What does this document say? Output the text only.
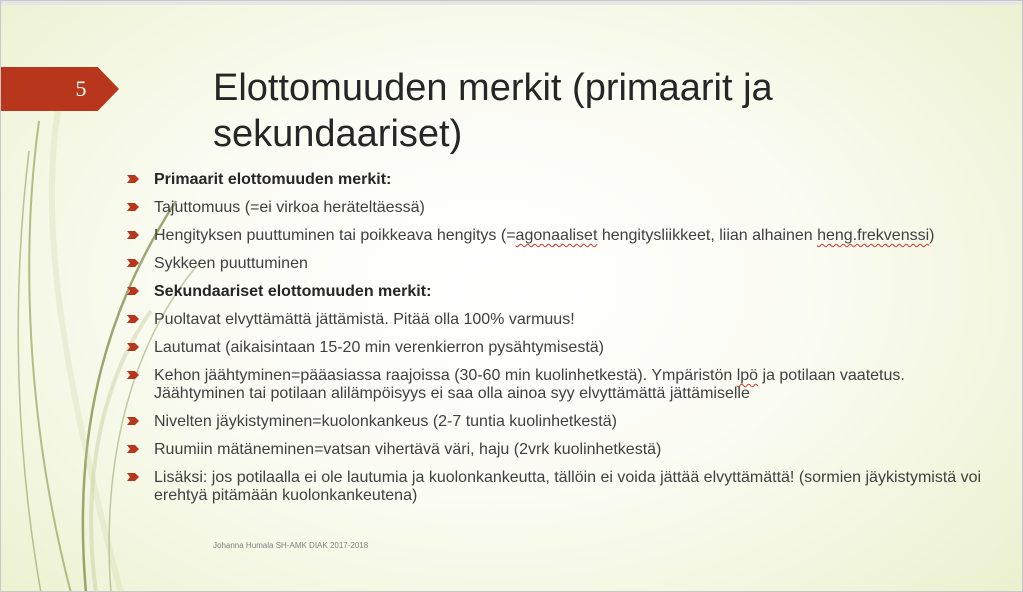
5	Elottomuuden merkit (primaarit ja sekundaariset)
Primaarit elottomuuden merkit:
Tajuttomuus (=ei virkoa heräteltäessä)
Hengityksen puuttuminen tai poikkeava hengitys (=agonaaliset hengitysliikkeet, liian alhainen heng.frekvenssi)
Sykkeen puuttuminen
Sekundaariset elottomuuden merkit:
Puoltavat elvyttämättä jättämistä. Pitää olla 100% varmuus!
Lautumat (aikaisintaan 15-20 min verenkierron pysähtymisestä)
Kehon jäähtyminen=pääasiassa raajoissa (30-60 min kuolinhetkestä). Ympäristön lpö ja potilaan vaatetus. Jäähtyminen tai potilaan alilämpöisyys ei saa olla ainoa syy elvyttämättä jättämiselle
Nivelten jäykistyminen=kuolonkankeus (2-7 tuntia kuolinhetkestä)
Ruumiin mätäneminen=vatsan vihertävä väri, haju (2vrk kuolinhetkestä)
Lisäksi: jos potilaalla ei ole lautumia ja kuolonkankeutta, tällöin ei voida jättää elvyttämättä! (sormien jäykistymistä voi erehtyä pitämään kuolonkankeutena)
Johanna Humala SH-AMK DIAK 2017-2018
